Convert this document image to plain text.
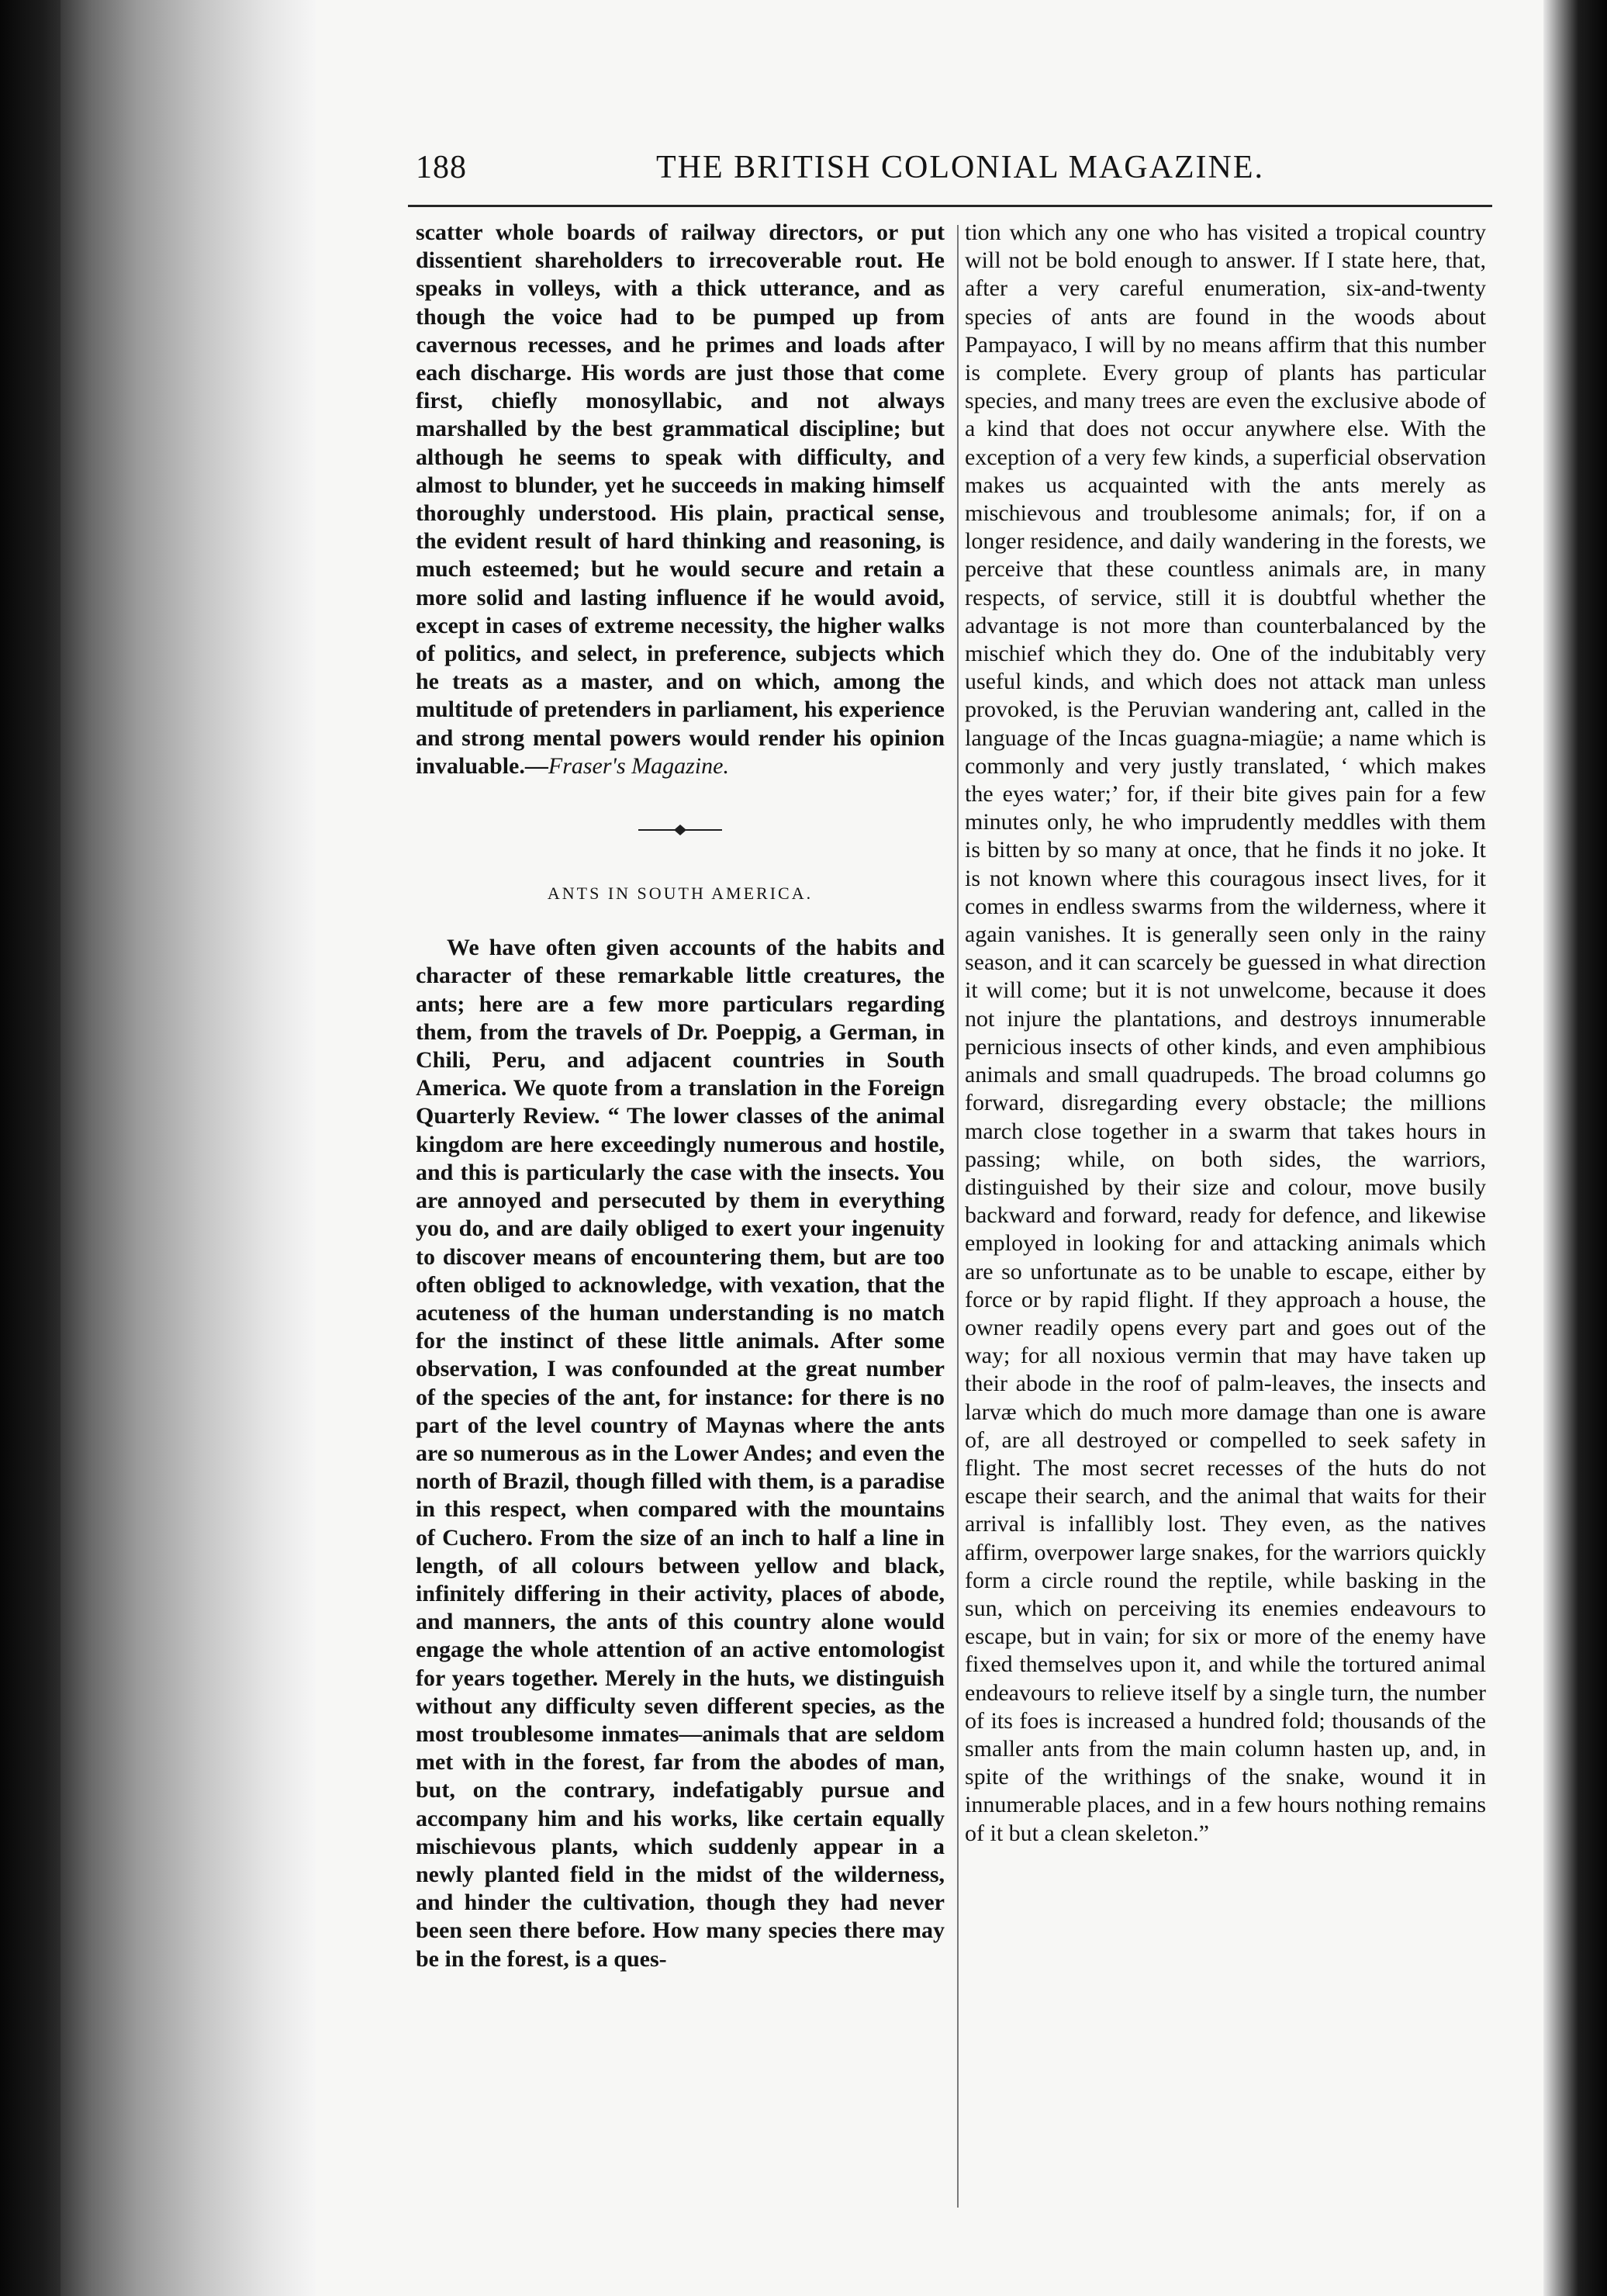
188	THE BRITISH COLONIAL MAGAZINE.

scatter whole boards of railway directors, or put dissentient shareholders to irrecoverable rout. He speaks in volleys, with a thick utterance, and as though the voice had to be pumped up from cavernous recesses, and he primes and loads after each discharge. His words are just those that come first, chiefly monosyllabic, and not always marshalled by the best grammatical discipline; but although he seems to speak with difficulty, and almost to blunder, yet he succeeds in making himself thoroughly understood. His plain, practical sense, the evident result of hard thinking and reasoning, is much esteemed; but he would secure and retain a more solid and lasting influence if he would avoid, except in cases of extreme necessity, the higher walks of politics, and select, in preference, subjects which he treats as a master, and on which, among the multitude of pretenders in parliament, his experience and strong mental powers would render his opinion invaluable.—Fraser's Magazine.

ANTS IN SOUTH AMERICA.

We have often given accounts of the habits and character of these remarkable little creatures, the ants; here are a few more particulars regarding them, from the travels of Dr. Poeppig, a German, in Chili, Peru, and adjacent countries in South America. We quote from a translation in the Foreign Quarterly Review. “ The lower classes of the animal kingdom are here exceedingly numerous and hostile, and this is particularly the case with the insects. You are annoyed and persecuted by them in everything you do, and are daily obliged to exert your ingenuity to discover means of encountering them, but are too often obliged to acknowledge, with vexation, that the acuteness of the human understanding is no match for the instinct of these little animals. After some observation, I was confounded at the great number of the species of the ant, for instance: for there is no part of the level country of Maynas where the ants are so numerous as in the Lower Andes; and even the north of Brazil, though filled with them, is a paradise in this respect, when compared with the mountains of Cuchero. From the size of an inch to half a line in length, of all colours between yellow and black, infinitely differing in their activity, places of abode, and manners, the ants of this country alone would engage the whole attention of an active entomologist for years together. Merely in the huts, we distinguish without any difficulty seven different species, as the most troublesome inmates—animals that are seldom met with in the forest, far from the abodes of man, but, on the contrary, indefatigably pursue and accompany him and his works, like certain equally mischievous plants, which suddenly appear in a newly planted field in the midst of the wilderness, and hinder the cultivation, though they had never been seen there before. How many species there may be in the forest, is a ques-

tion which any one who has visited a tropical country will not be bold enough to answer. If I state here, that, after a very careful enumeration, six-and-twenty species of ants are found in the woods about Pampayaco, I will by no means affirm that this number is complete. Every group of plants has particular species, and many trees are even the exclusive abode of a kind that does not occur anywhere else. With the exception of a very few kinds, a superficial observation makes us acquainted with the ants merely as mischievous and troublesome animals; for, if on a longer residence, and daily wandering in the forests, we perceive that these countless animals are, in many respects, of service, still it is doubtful whether the advantage is not more than counterbalanced by the mischief which they do. One of the indubitably very useful kinds, and which does not attack man unless provoked, is the Peruvian wandering ant, called in the language of the Incas guagna-miagüe; a name which is commonly and very justly translated, ‘ which makes the eyes water;’ for, if their bite gives pain for a few minutes only, he who imprudently meddles with them is bitten by so many at once, that he finds it no joke. It is not known where this couragous insect lives, for it comes in endless swarms from the wilderness, where it again vanishes. It is generally seen only in the rainy season, and it can scarcely be guessed in what direction it will come; but it is not unwelcome, because it does not injure the plantations, and destroys innumerable pernicious insects of other kinds, and even amphibious animals and small quadrupeds. The broad columns go forward, disregarding every obstacle; the millions march close together in a swarm that takes hours in passing; while, on both sides, the warriors, distinguished by their size and colour, move busily backward and forward, ready for defence, and likewise employed in looking for and attacking animals which are so unfortunate as to be unable to escape, either by force or by rapid flight. If they approach a house, the owner readily opens every part and goes out of the way; for all noxious vermin that may have taken up their abode in the roof of palm-leaves, the insects and larvæ which do much more damage than one is aware of, are all destroyed or compelled to seek safety in flight. The most secret recesses of the huts do not escape their search, and the animal that waits for their arrival is infallibly lost. They even, as the natives affirm, overpower large snakes, for the warriors quickly form a circle round the reptile, while basking in the sun, which on perceiving its enemies endeavours to escape, but in vain; for six or more of the enemy have fixed themselves upon it, and while the tortured animal endeavours to relieve itself by a single turn, the number of its foes is increased a hundred fold; thousands of the smaller ants from the main column hasten up, and, in spite of the writhings of the snake, wound it in innumerable places, and in a few hours nothing remains of it but a clean skeleton.”
